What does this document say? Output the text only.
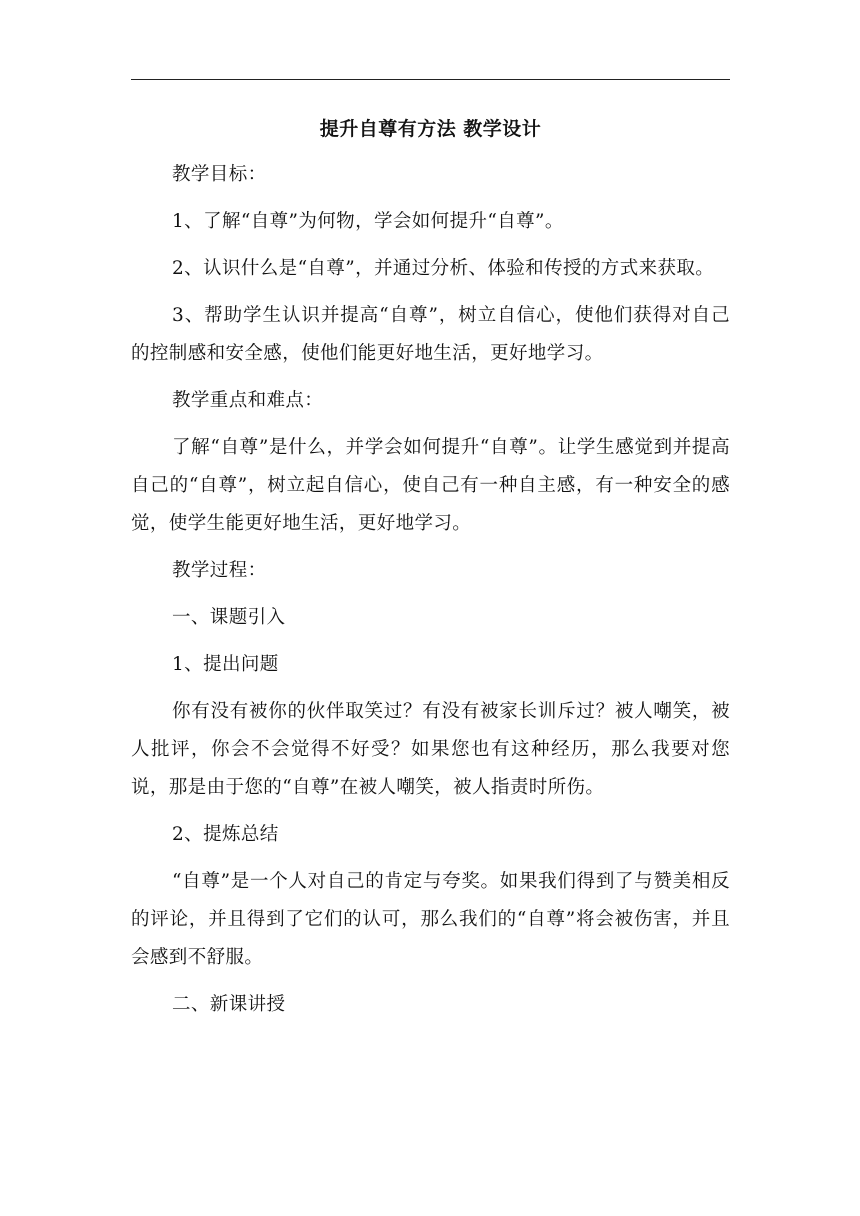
提升自尊有方法 教学设计

教学目标：

1、了解“自尊”为何物，学会如何提升“自尊”。

2、认识什么是“自尊”，并通过分析、体验和传授的方式来获取。

3、帮助学生认识并提高“自尊”，树立自信心，使他们获得对自己的控制感和安全感，使他们能更好地生活，更好地学习。

教学重点和难点：

了解“自尊”是什么，并学会如何提升“自尊”。让学生感觉到并提高自己的“自尊”，树立起自信心，使自己有一种自主感，有一种安全的感觉，使学生能更好地生活，更好地学习。

教学过程：

一、课题引入

1、提出问题

你有没有被你的伙伴取笑过？有没有被家长训斥过？被人嘲笑，被人批评，你会不会觉得不好受？如果您也有这种经历，那么我要对您说，那是由于您的“自尊”在被人嘲笑，被人指责时所伤。

2、提炼总结

“自尊”是一个人对自己的肯定与夸奖。如果我们得到了与赞美相反的评论，并且得到了它们的认可，那么我们的“自尊”将会被伤害，并且会感到不舒服。

二、新课讲授
